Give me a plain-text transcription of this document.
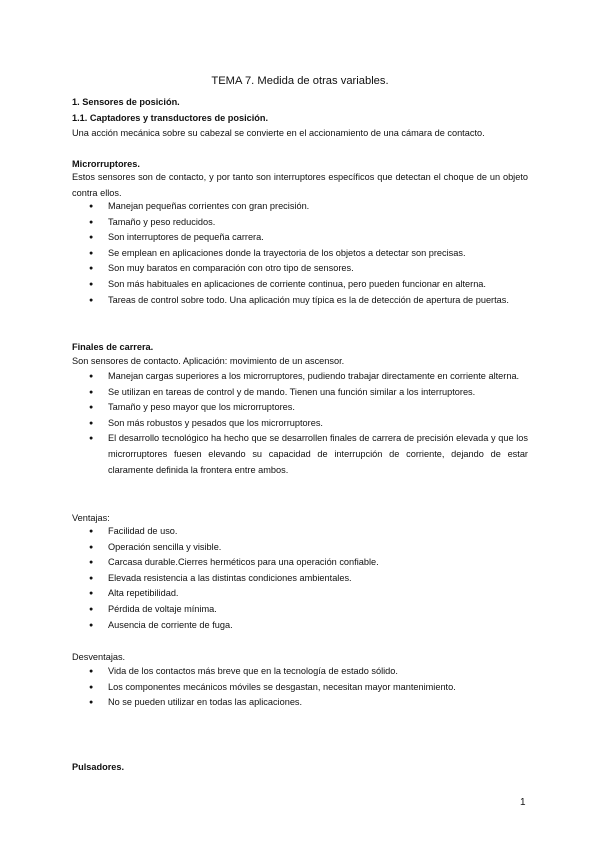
TEMA 7. Medida de otras variables.
1. Sensores de posición.
1.1. Captadores y transductores de posición.
Una acción mecánica sobre su cabezal se convierte en el accionamiento de una cámara de contacto.
Microrruptores.
Estos sensores son de contacto, y por tanto son interruptores específicos que detectan el choque de un objeto contra ellos.
● Manejan pequeñas corrientes con gran precisión.
● Tamaño y peso reducidos.
● Son interruptores de pequeña carrera.
● Se emplean en aplicaciones donde la trayectoria de los objetos a detectar son precisas.
● Son muy baratos en comparación con otro tipo de sensores.
● Son más habituales en aplicaciones de corriente continua, pero pueden funcionar en alterna.
● Tareas de control sobre todo. Una aplicación muy típica es la de detección de apertura de puertas.
Finales de carrera.
Son sensores de contacto. Aplicación: movimiento de un ascensor.
● Manejan cargas superiores a los microrruptores, pudiendo trabajar directamente en corriente alterna.
● Se utilizan en tareas de control y de mando. Tienen una función similar a los interruptores.
● Tamaño y peso mayor que los microrruptores.
● Son más robustos y pesados que los microrruptores.
● El desarrollo tecnológico ha hecho que se desarrollen finales de carrera de precisión elevada y que los microrruptores fuesen elevando su capacidad de interrupción de corriente, dejando de estar claramente definida la frontera entre ambos.
Ventajas:
● Facilidad de uso.
● Operación sencilla y visible.
● Carcasa durable.Cierres herméticos para una operación confiable.
● Elevada resistencia a las distintas condiciones ambientales.
● Alta repetibilidad.
● Pérdida de voltaje mínima.
● Ausencia de corriente de fuga.
Desventajas.
● Vida de los contactos más breve que en la tecnología de estado sólido.
● Los componentes mecánicos móviles se desgastan, necesitan mayor mantenimiento.
● No se pueden utilizar en todas las aplicaciones.
Pulsadores.
1
